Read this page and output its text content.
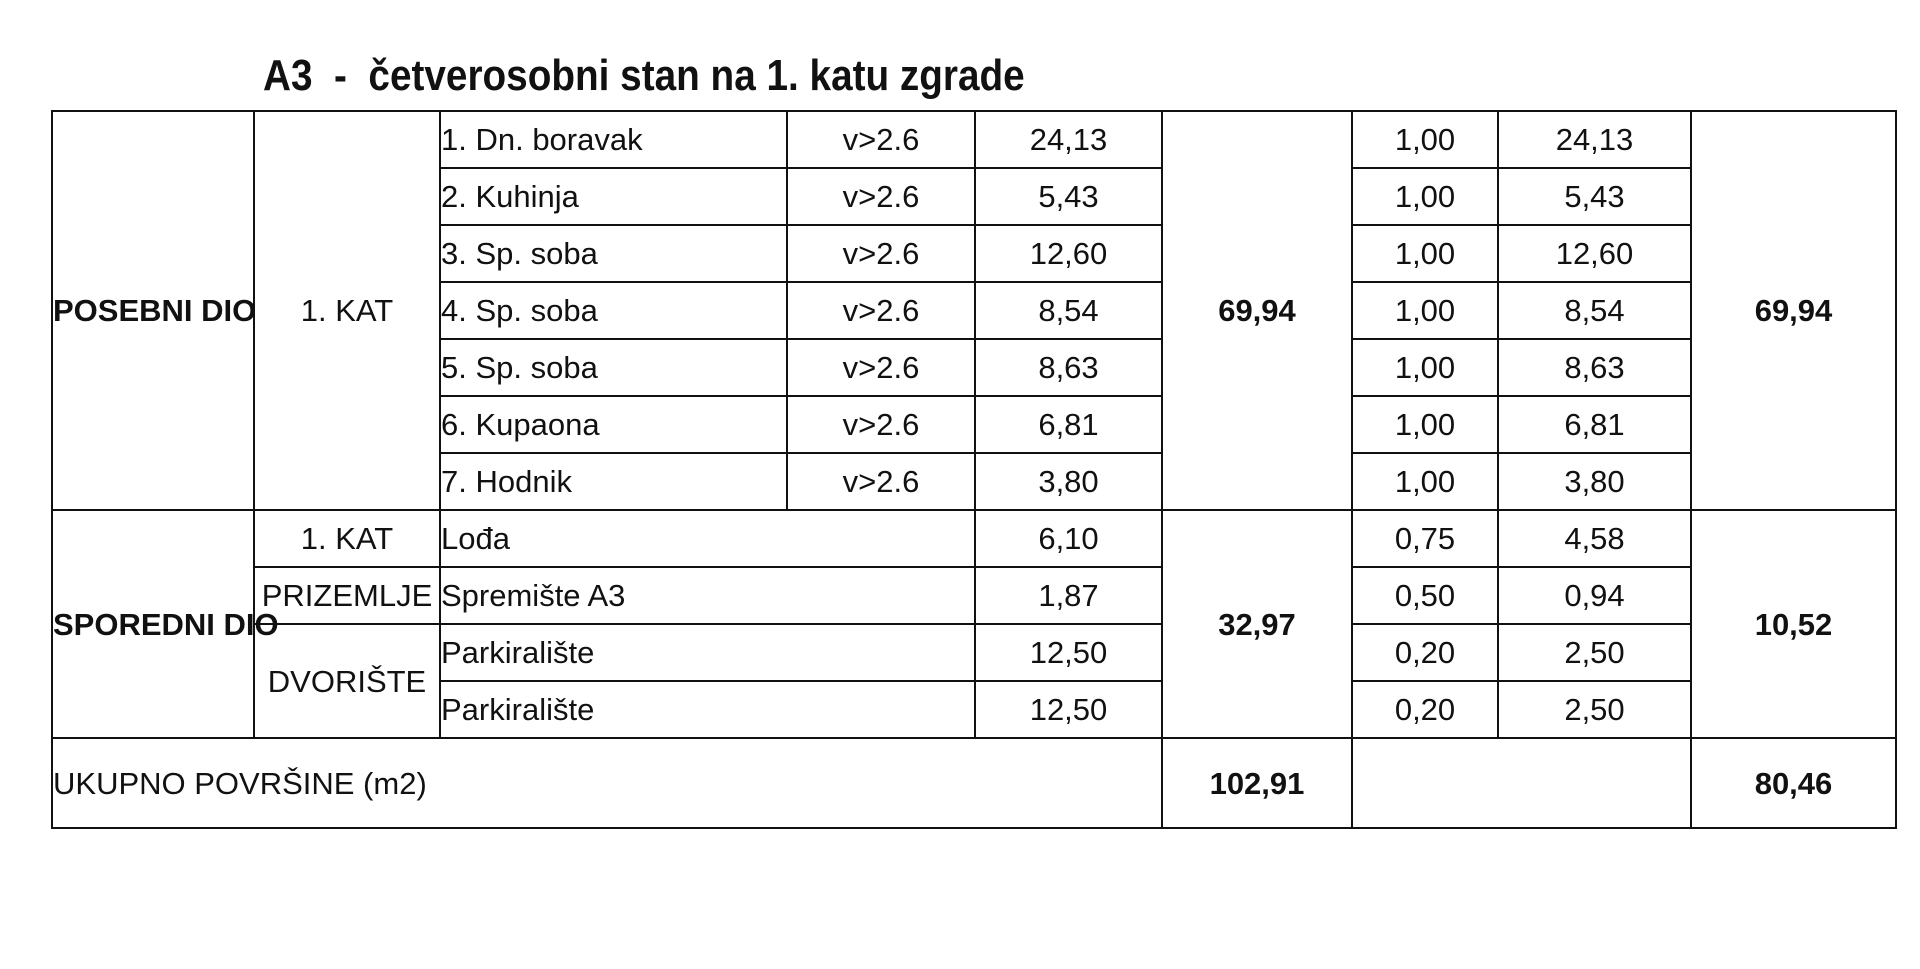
A3  -  četverosobni stan na 1. katu zgrade
POSEBNI DIO	1. KAT	1. Dn. boravak	v>2.6	24,13	69,94	1,00	24,13	69,94
		2. Kuhinja	v>2.6	5,43		1,00	5,43	
		3. Sp. soba	v>2.6	12,60		1,00	12,60	
		4. Sp. soba	v>2.6	8,54		1,00	8,54	
		5. Sp. soba	v>2.6	8,63		1,00	8,63	
		6. Kupaona	v>2.6	6,81		1,00	6,81	
		7. Hodnik	v>2.6	3,80		1,00	3,80	
SPOREDNI DIO	1. KAT	Lođa		6,10	32,97	0,75	4,58	10,52
	PRIZEMLJE	Spremište A3		1,87		0,50	0,94	
	DVORIŠTE	Parkiralište		12,50		0,20	2,50	
		Parkiralište		12,50		0,20	2,50	
UKUPNO POVRŠINE (m2)					102,91			80,46
